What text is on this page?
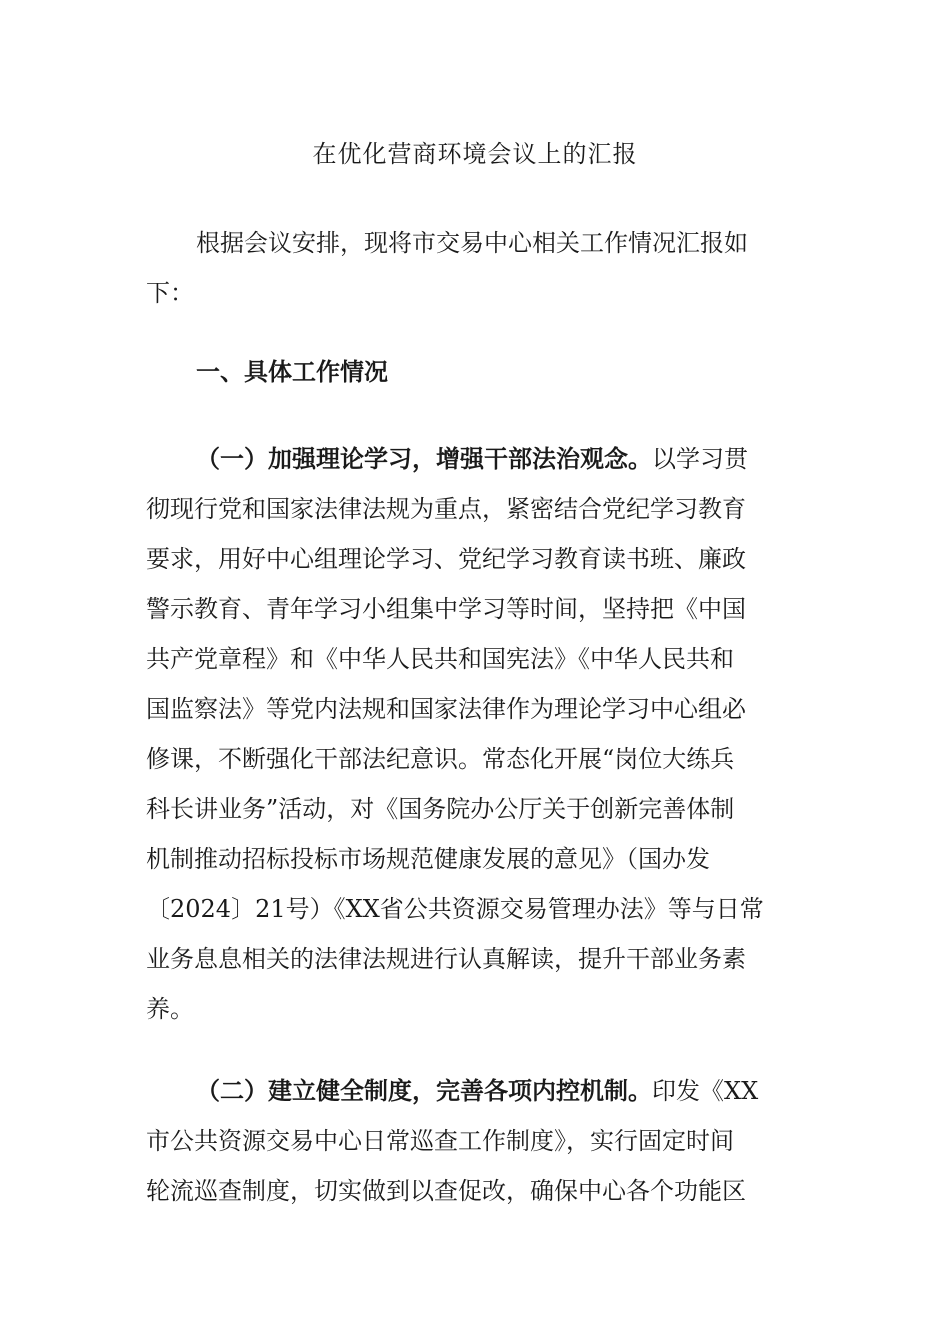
在优化营商环境会议上的汇报
根据会议安排，现将市交易中心相关工作情况汇报如
下：
一、具体工作情况
（一）加强理论学习，增强干部法治观念。以学习贯
彻现行党和国家法律法规为重点，紧密结合党纪学习教育
要求，用好中心组理论学习、党纪学习教育读书班、廉政
警示教育、青年学习小组集中学习等时间，坚持把《中国
共产党章程》和《中华人民共和国宪法》《中华人民共和
国监察法》等党内法规和国家法律作为理论学习中心组必
修课，不断强化干部法纪意识。常态化开展“岗位大练兵
科长讲业务”活动，对《国务院办公厅关于创新完善体制
机制推动招标投标市场规范健康发展的意见》（国办发
〔2024〕21号）《XX省公共资源交易管理办法》等与日常
业务息息相关的法律法规进行认真解读，提升干部业务素
养。
（二）建立健全制度，完善各项内控机制。印发《XX
市公共资源交易中心日常巡查工作制度》，实行固定时间
轮流巡查制度，切实做到以查促改，确保中心各个功能区
